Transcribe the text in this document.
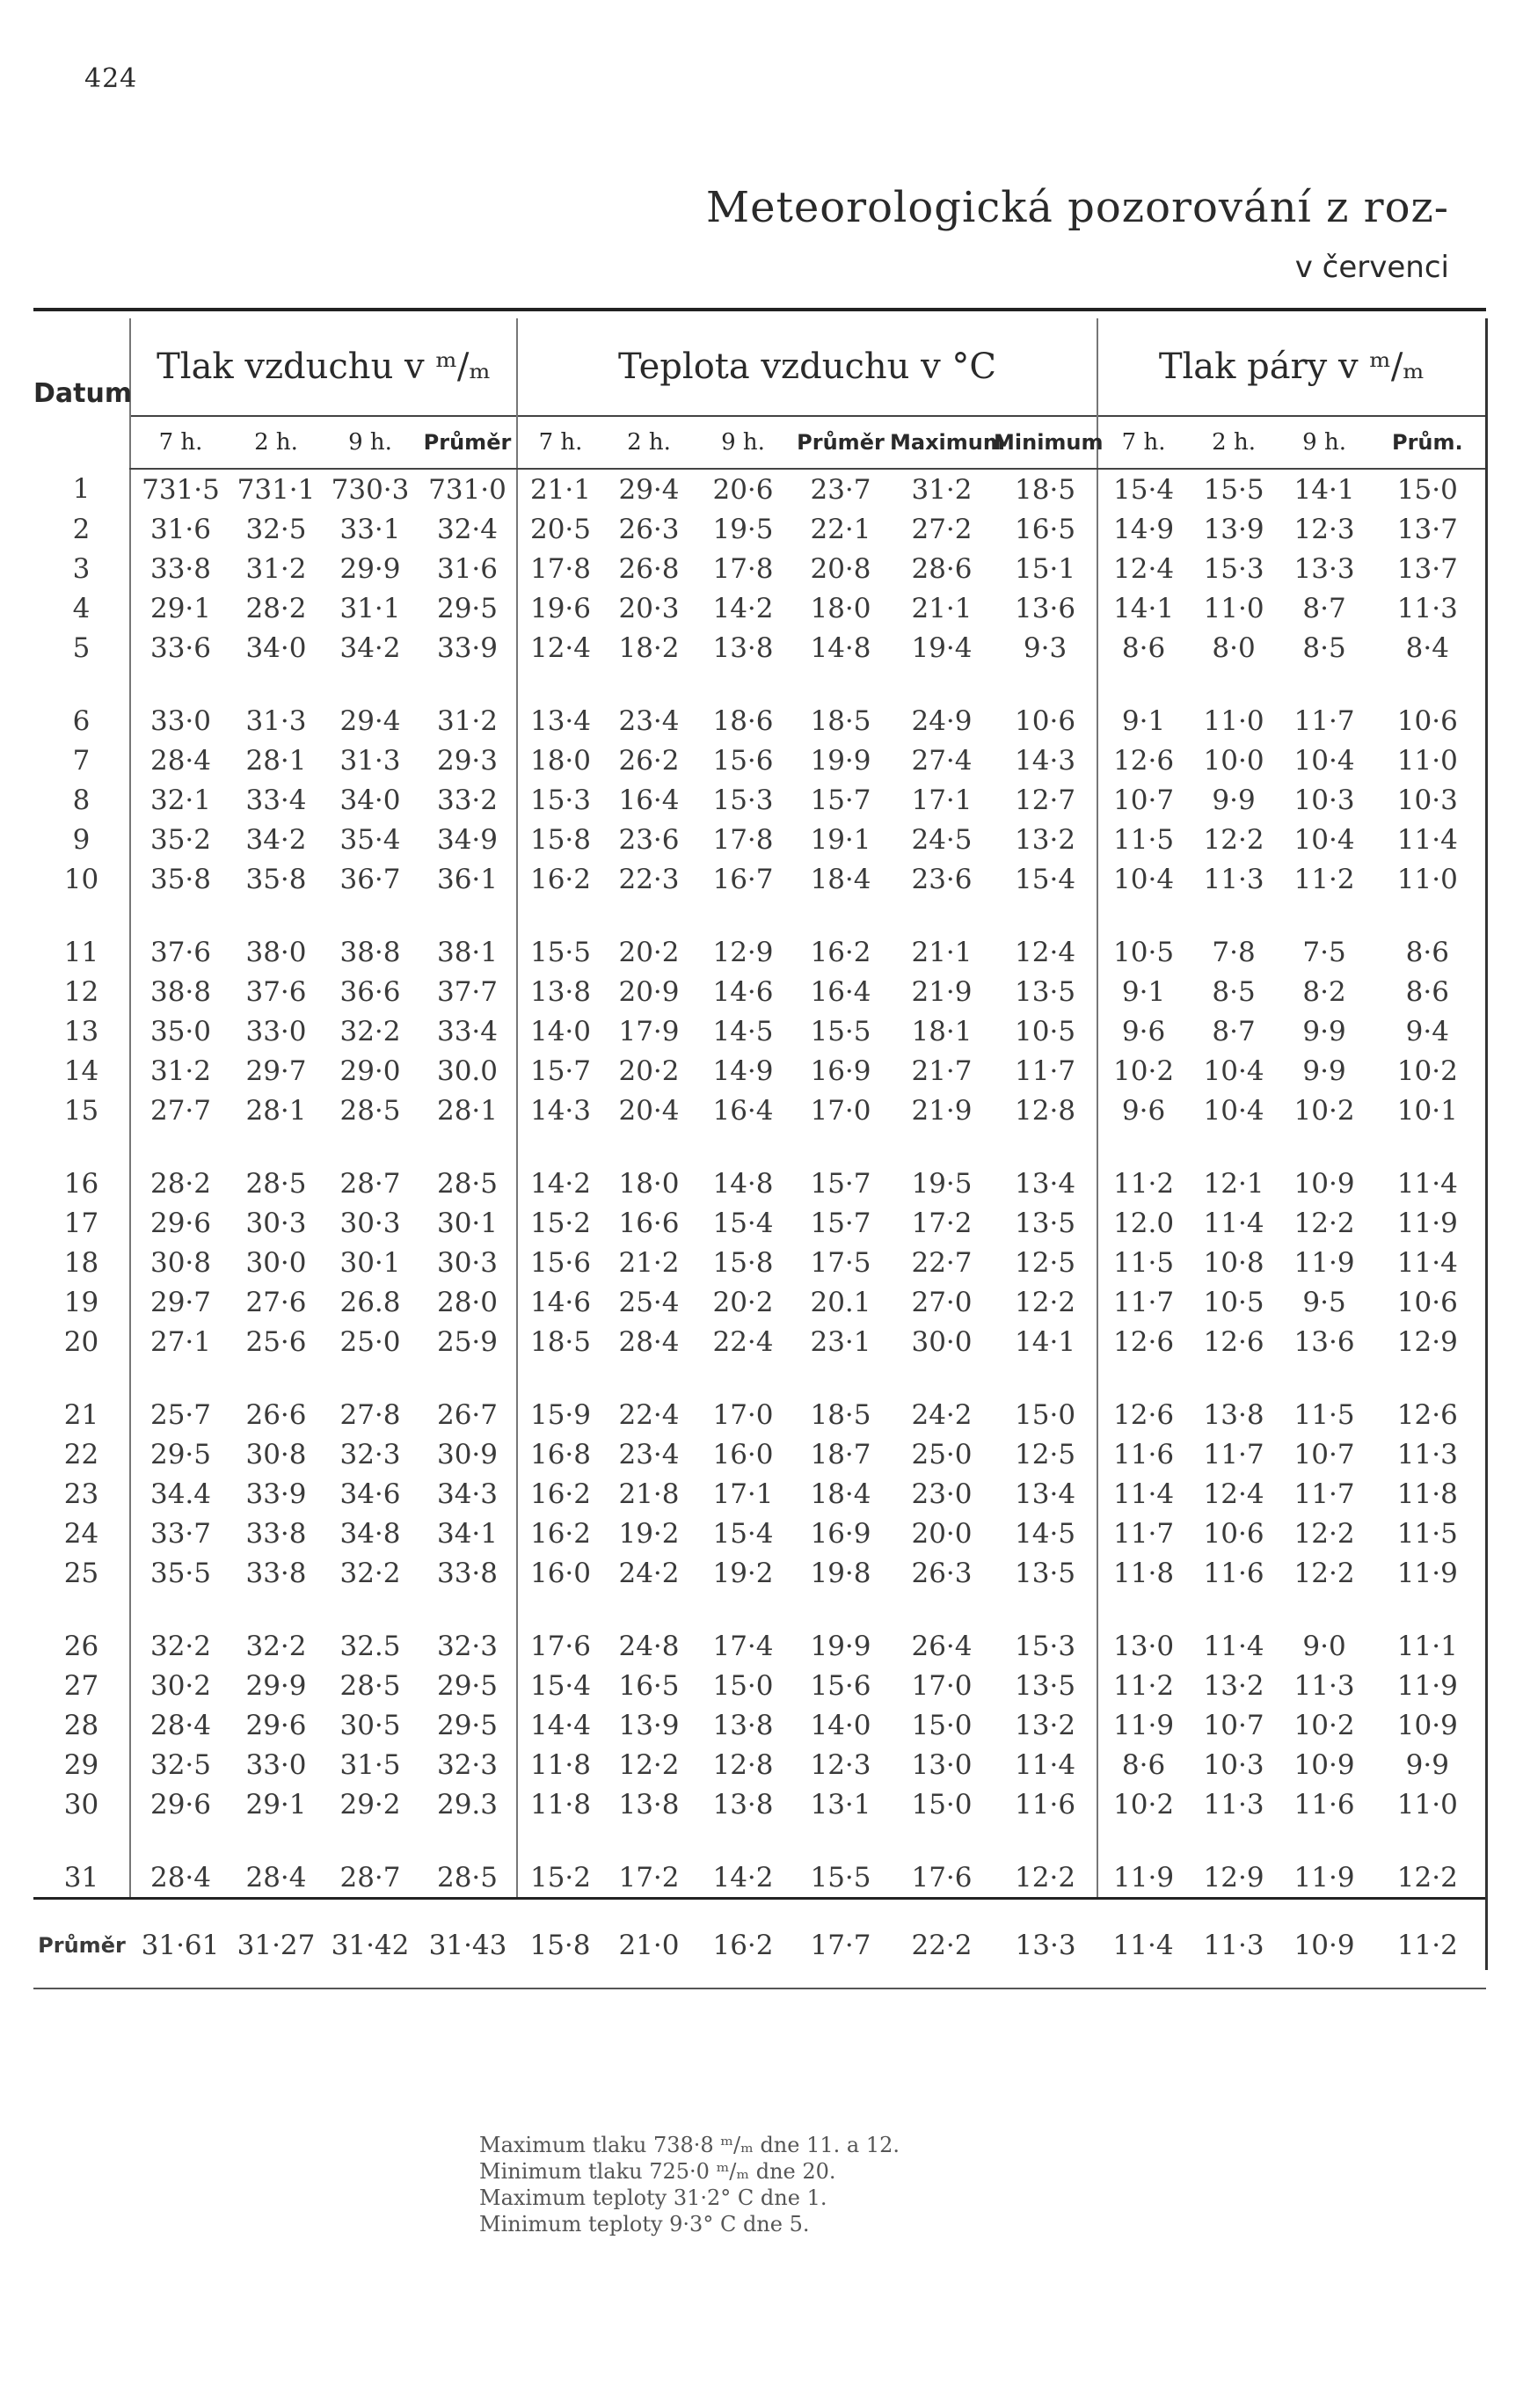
424
Meteorologická pozorování z roz-
v červenci
Datum	Tlak vzduchu v ᵐ/ₘ				Teplota vzduchu v °C						Tlak páry v ᵐ/ₘ			
	7 h.	2 h.	9 h.	Průměr	7 h.	2 h.	9 h.	Průměr	Maximum	Minimum	7 h.	2 h.	9 h.	Prům.
1	731·5	731·1	730·3	731·0	21·1	29·4	20·6	23·7	31·2	18·5	15·4	15·5	14·1	15·0
2	31·6	32·5	33·1	32·4	20·5	26·3	19·5	22·1	27·2	16·5	14·9	13·9	12·3	13·7
3	33·8	31·2	29·9	31·6	17·8	26·8	17·8	20·8	28·6	15·1	12·4	15·3	13·3	13·7
4	29·1	28·2	31·1	29·5	19·6	20·3	14·2	18·0	21·1	13·6	14·1	11·0	8·7	11·3
5	33·6	34·0	34·2	33·9	12·4	18·2	13·8	14·8	19·4	9·3	8·6	8·0	8·5	8·4
6	33·0	31·3	29·4	31·2	13·4	23·4	18·6	18·5	24·9	10·6	9·1	11·0	11·7	10·6
7	28·4	28·1	31·3	29·3	18·0	26·2	15·6	19·9	27·4	14·3	12·6	10·0	10·4	11·0
8	32·1	33·4	34·0	33·2	15·3	16·4	15·3	15·7	17·1	12·7	10·7	9·9	10·3	10·3
9	35·2	34·2	35·4	34·9	15·8	23·6	17·8	19·1	24·5	13·2	11·5	12·2	10·4	11·4
10	35·8	35·8	36·7	36·1	16·2	22·3	16·7	18·4	23·6	15·4	10·4	11·3	11·2	11·0
11	37·6	38·0	38·8	38·1	15·5	20·2	12·9	16·2	21·1	12·4	10·5	7·8	7·5	8·6
12	38·8	37·6	36·6	37·7	13·8	20·9	14·6	16·4	21·9	13·5	9·1	8·5	8·2	8·6
13	35·0	33·0	32·2	33·4	14·0	17·9	14·5	15·5	18·1	10·5	9·6	8·7	9·9	9·4
14	31·2	29·7	29·0	30.0	15·7	20·2	14·9	16·9	21·7	11·7	10·2	10·4	9·9	10·2
15	27·7	28·1	28·5	28·1	14·3	20·4	16·4	17·0	21·9	12·8	9·6	10·4	10·2	10·1
16	28·2	28·5	28·7	28·5	14·2	18·0	14·8	15·7	19·5	13·4	11·2	12·1	10·9	11·4
17	29·6	30·3	30·3	30·1	15·2	16·6	15·4	15·7	17·2	13·5	12.0	11·4	12·2	11·9
18	30·8	30·0	30·1	30·3	15·6	21·2	15·8	17·5	22·7	12·5	11·5	10·8	11·9	11·4
19	29·7	27·6	26.8	28·0	14·6	25·4	20·2	20.1	27·0	12·2	11·7	10·5	9·5	10·6
20	27·1	25·6	25·0	25·9	18·5	28·4	22·4	23·1	30·0	14·1	12·6	12·6	13·6	12·9
21	25·7	26·6	27·8	26·7	15·9	22·4	17·0	18·5	24·2	15·0	12·6	13·8	11·5	12·6
22	29·5	30·8	32·3	30·9	16·8	23·4	16·0	18·7	25·0	12·5	11·6	11·7	10·7	11·3
23	34.4	33·9	34·6	34·3	16·2	21·8	17·1	18·4	23·0	13·4	11·4	12·4	11·7	11·8
24	33·7	33·8	34·8	34·1	16·2	19·2	15·4	16·9	20·0	14·5	11·7	10·6	12·2	11·5
25	35·5	33·8	32·2	33·8	16·0	24·2	19·2	19·8	26·3	13·5	11·8	11·6	12·2	11·9
26	32·2	32·2	32.5	32·3	17·6	24·8	17·4	19·9	26·4	15·3	13·0	11·4	9·0	11·1
27	30·2	29·9	28·5	29·5	15·4	16·5	15·0	15·6	17·0	13·5	11·2	13·2	11·3	11·9
28	28·4	29·6	30·5	29·5	14·4	13·9	13·8	14·0	15·0	13·2	11·9	10·7	10·2	10·9
29	32·5	33·0	31·5	32·3	11·8	12·2	12·8	12·3	13·0	11·4	8·6	10·3	10·9	9·9
30	29·6	29·1	29·2	29.3	11·8	13·8	13·8	13·1	15·0	11·6	10·2	11·3	11·6	11·0
31	28·4	28·4	28·7	28·5	15·2	17·2	14·2	15·5	17·6	12·2	11·9	12·9	11·9	12·2
Průměr	31·61	31·27	31·42	31·43	15·8	21·0	16·2	17·7	22·2	13·3	11·4	11·3	10·9	11·2
Maximum tlaku 738·8 ᵐ/ₘ dne 11. a 12.
Minimum tlaku 725·0 ᵐ/ₘ dne 20.
Maximum teploty 31·2° C dne 1.
Minimum teploty 9·3° C dne 5.
